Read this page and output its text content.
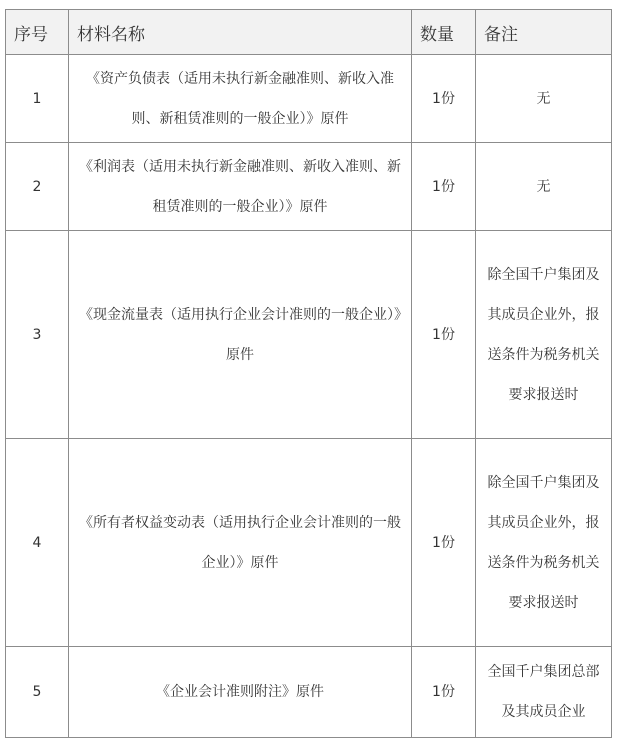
序号	材料名称	数量	备注
1	《资产负债表（适用未执行新金融准则、新收入准则、新租赁准则的一般企业）》原件	1份	无
2	《利润表（适用未执行新金融准则、新收入准则、新租赁准则的一般企业）》原件	1份	无
3	《现金流量表（适用执行企业会计准则的一般企业）》原件	1份	除全国千户集团及其成员企业外，报送条件为税务机关要求报送时
4	《所有者权益变动表（适用执行企业会计准则的一般企业）》原件	1份	除全国千户集团及其成员企业外，报送条件为税务机关要求报送时
5	《企业会计准则附注》原件	1份	全国千户集团总部及其成员企业
